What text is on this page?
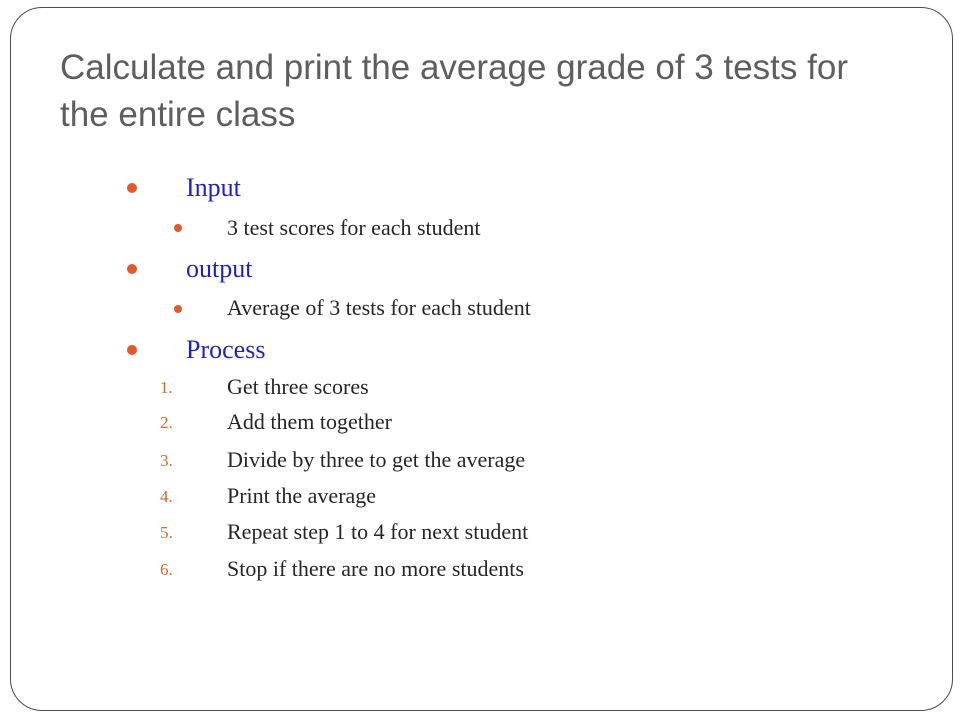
Calculate and print the average grade of 3 tests for the entire class
Input
3 test scores for each student
output
Average of 3 tests for each student
Process
1.	Get three scores
2.	Add them together
3.	Divide by three to get the average
4.	Print the average
5.	Repeat step 1 to 4 for next student
6.	Stop if there are no more students
